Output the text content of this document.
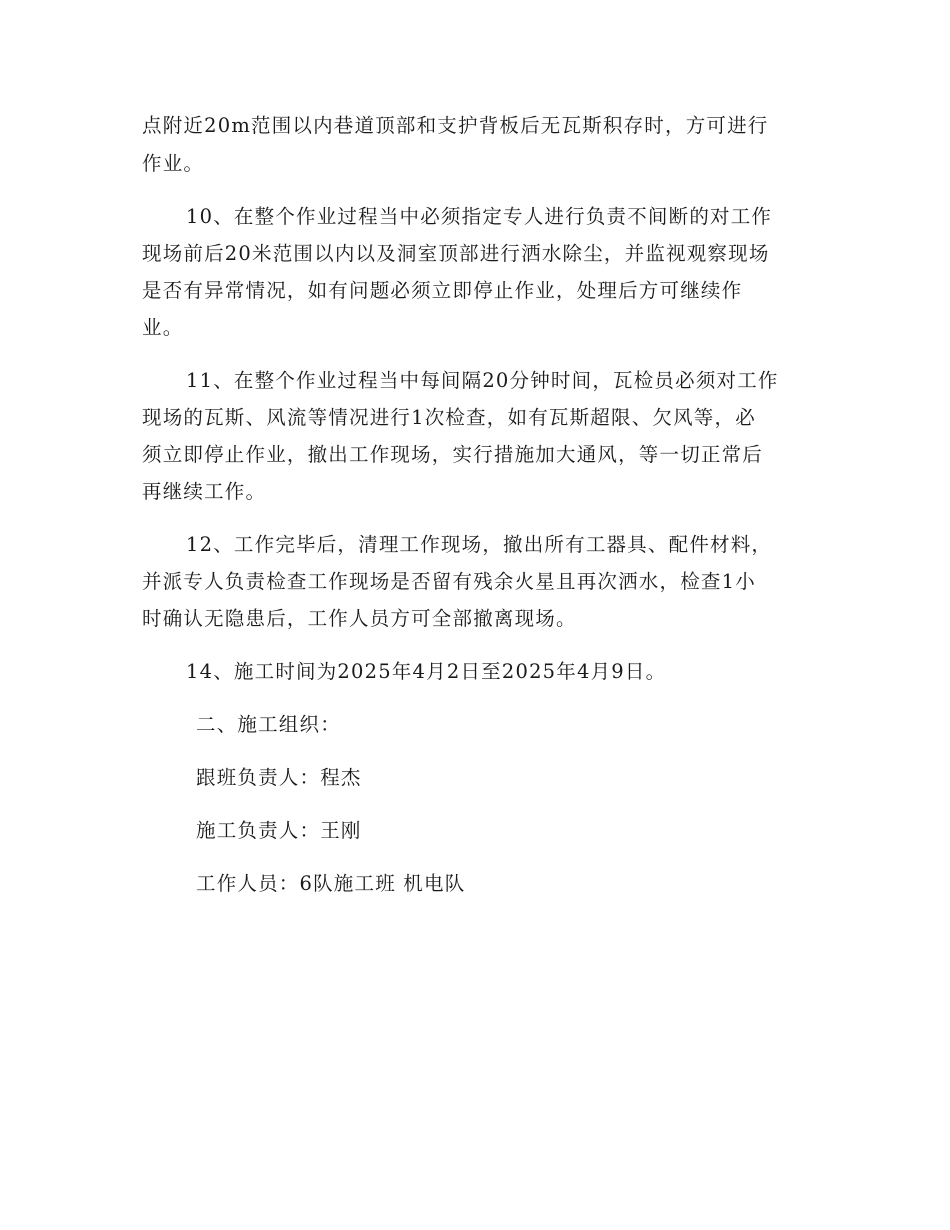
点附近20m范围以内巷道顶部和支护背板后无瓦斯积存时，方可进行
作业。
10、在整个作业过程当中必须指定专人进行负责不间断的对工作
现场前后20米范围以内以及洞室顶部进行洒水除尘，并监视观察现场
是否有异常情况，如有问题必须立即停止作业，处理后方可继续作
业。
11、在整个作业过程当中每间隔20分钟时间，瓦检员必须对工作
现场的瓦斯、风流等情况进行1次检查，如有瓦斯超限、欠风等，必
须立即停止作业，撤出工作现场，实行措施加大通风，等一切正常后
再继续工作。
12、工作完毕后，清理工作现场，撤出所有工器具、配件材料，
并派专人负责检查工作现场是否留有残余火星且再次洒水，检查1小
时确认无隐患后，工作人员方可全部撤离现场。
14、施工时间为2025年4月2日至2025年4月9日。
二、施工组织：
跟班负责人：程杰
施工负责人：王刚
工作人员：6队施工班 机电队
